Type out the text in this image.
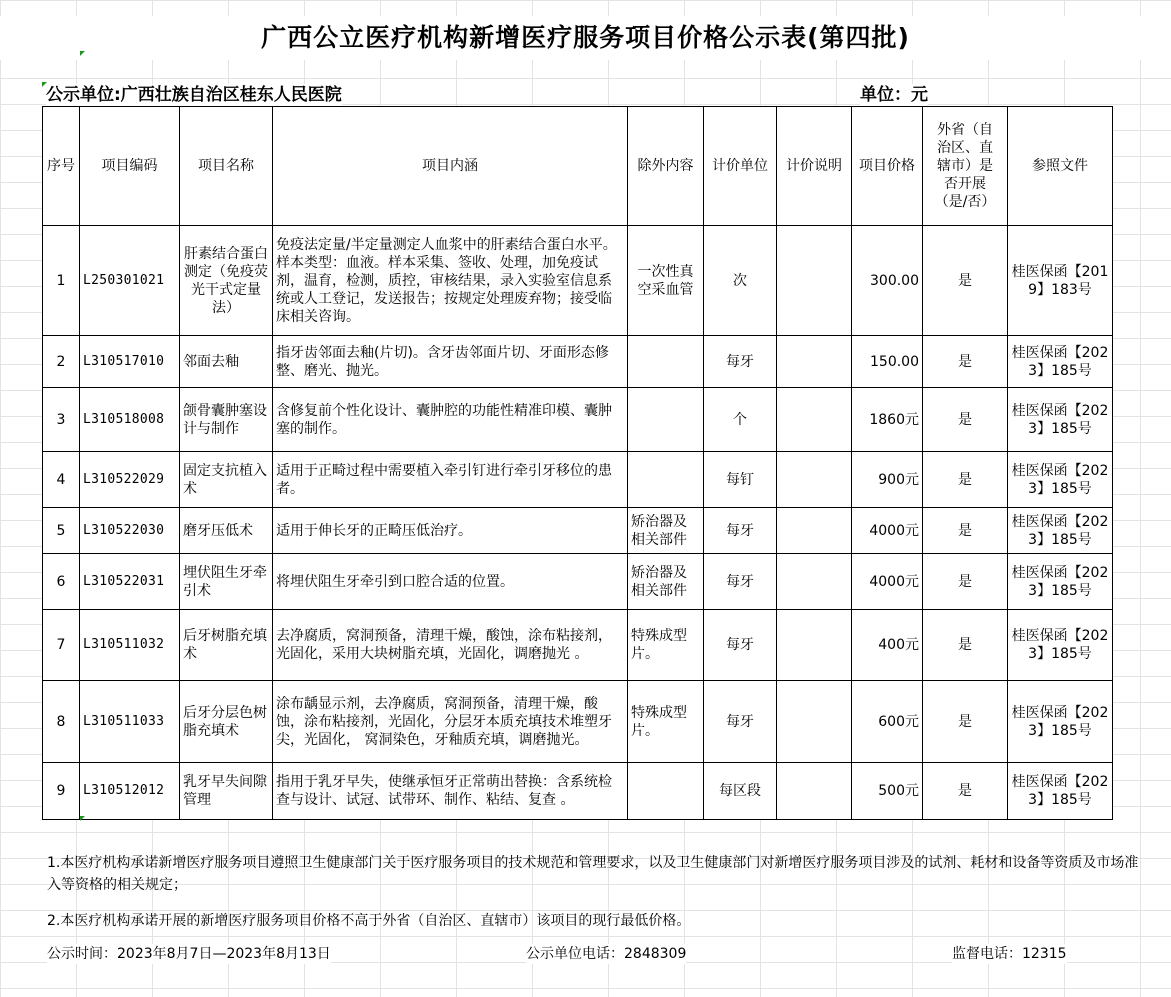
广西公立医疗机构新增医疗服务项目价格公示表(第四批)
公示单位:广西壮族自治区桂东人民医院	单位：元
序号	项目编码	项目名称	项目内涵	除外内容	计价单位	计价说明	项目价格	外省（自治区、直辖市）是否开展（是/否）	参照文件
1	L250301021	肝素结合蛋白测定（免疫荧光干式定量法）	免疫法定量/半定量测定人血浆中的肝素结合蛋白水平。样本类型：血液。样本采集、签收、处理，加免疫试剂，温育，检测，质控，审核结果，录入实验室信息系统或人工登记，发送报告；按规定处理废弃物；接受临床相关咨询。	一次性真空采血管	次		300.00	是	桂医保函【2019】183号
2	L310517010	邻面去釉	指牙齿邻面去釉(片切)。含牙齿邻面片切、牙面形态修整、磨光、抛光。		每牙		150.00	是	桂医保函【2023】185号
3	L310518008	颌骨囊肿塞设计与制作	含修复前个性化设计、囊肿腔的功能性精准印模、囊肿塞的制作。		个		1860元	是	桂医保函【2023】185号
4	L310522029	固定支抗植入术	适用于正畸过程中需要植入牵引钉进行牵引牙移位的患者。		每钉		900元	是	桂医保函【2023】185号
5	L310522030	磨牙压低术	适用于伸长牙的正畸压低治疗。	矫治器及相关部件	每牙		4000元	是	桂医保函【2023】185号
6	L310522031	埋伏阻生牙牵引术	将埋伏阻生牙牵引到口腔合适的位置。	矫治器及相关部件	每牙		4000元	是	桂医保函【2023】185号
7	L310511032	后牙树脂充填术	去净腐质，窝洞预备，清理干燥，酸蚀，涂布粘接剂，光固化，采用大块树脂充填，光固化，调磨抛光 。	特殊成型片。	每牙		400元	是	桂医保函【2023】185号
8	L310511033	后牙分层色树脂充填术	涂布龋显示剂，去净腐质，窝洞预备，清理干燥，酸蚀，涂布粘接剂，光固化，分层牙本质充填技术堆塑牙尖，光固化， 窝洞染色，牙釉质充填，调磨抛光。	特殊成型片。	每牙		600元	是	桂医保函【2023】185号
9	L310512012	乳牙早失间隙管理	指用于乳牙早失，使继承恒牙正常萌出替换：含系统检查与设计、试冠、试带环、制作、粘结、复查 。		每区段		500元	是	桂医保函【2023】185号
1.本医疗机构承诺新增医疗服务项目遵照卫生健康部门关于医疗服务项目的技术规范和管理要求，以及卫生健康部门对新增医疗服务项目涉及的试剂、耗材和设备等资质及市场准入等资格的相关规定；
2.本医疗机构承诺开展的新增医疗服务项目价格不高于外省（自治区、直辖市）该项目的现行最低价格。
公示时间：2023年8月7日—2023年8月13日	公示单位电话：2848309	监督电话：12315
